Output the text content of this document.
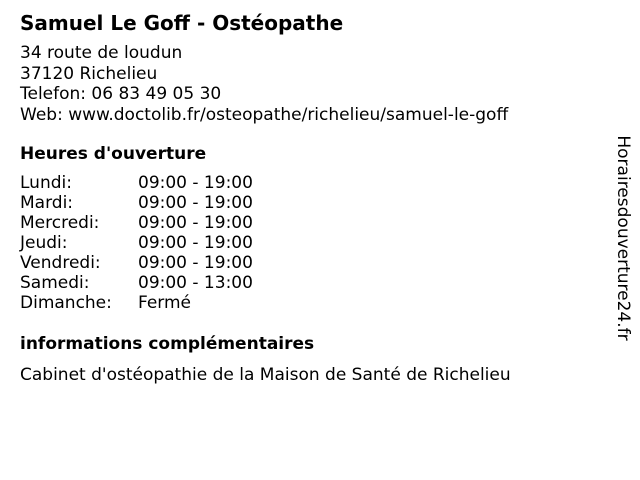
Samuel Le Goff - Ostéopathe
34 route de loudun
37120 Richelieu
Telefon: 06 83 49 05 30
Web: www.doctolib.fr/osteopathe/richelieu/samuel-le-goff
Heures d'ouverture
Lundi:	09:00 - 19:00
Mardi:	09:00 - 19:00
Mercredi:	09:00 - 19:00
Jeudi:	09:00 - 19:00
Vendredi:	09:00 - 19:00
Samedi:	09:00 - 13:00
Dimanche:	Fermé
informations complémentaires
Cabinet d'ostéopathie de la Maison de Santé de Richelieu
Horairesdouverture24.fr
